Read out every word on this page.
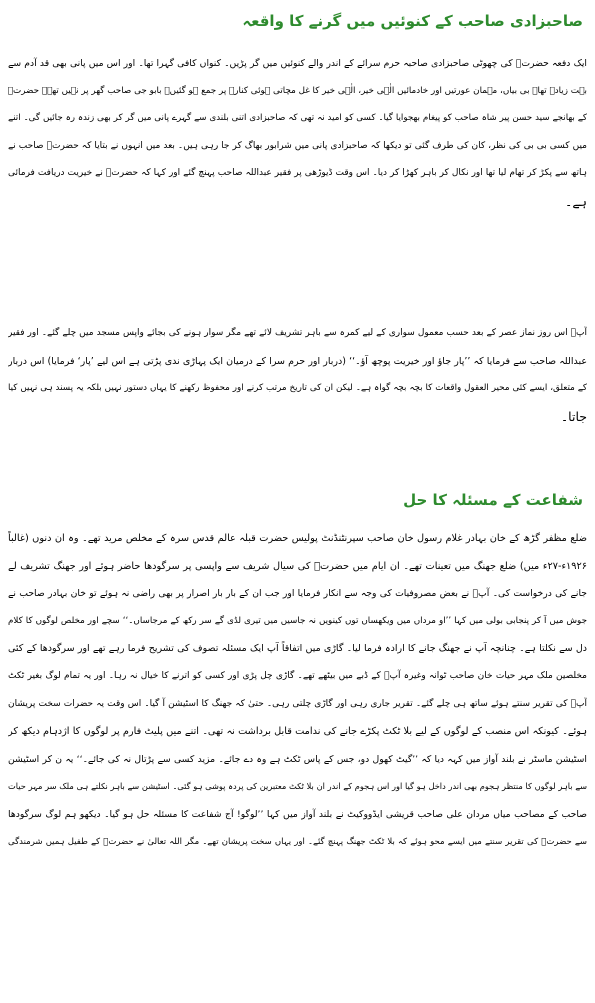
صاحبزادی صاحب کے کنوئیں میں گرنے کا واقعہ
ایک دفعہ حضرتؒ کی چھوٹی صاحبزادی صاحبہ حرم سرائے کے اندر والے کنوئیں میں گر پڑیں۔ کنواں کافی گہرا تھا۔ اور اس میں پانی بھی قد آدم سے
بہت زیادہ تھا۔ بی بیاں، مہمان عورتیں اور خادمائیں الٰہی خیر، الٰہی خیر کا غل مچاتی ہوئی کنارے پر جمع ہو گئیں۔ بابو جی صاحب گھر پر نہیں تھے۔ حضرتؒ
کے بھانجے سید حسن پیر شاہ صاحب کو پیغام بھجوایا گیا۔ کسی کو امید نہ تھی کہ صاحبزادی اتنی بلندی سے گہرے پانی میں گر کر بھی زندہ رہ جائیں گی۔ اتنے
میں کسی بی بی کی نظر، کان کی طرف گئی تو دیکھا کہ صاحبزادی پانی میں شرابور بھاگ کر جا رہی ہیں۔ بعد میں انہوں نے بتایا کہ حضرتؒ صاحب نے
ہاتھ سے پکڑ کر تھام لیا تھا اور نکال کر باہر کھڑا کر دیا۔ اس وقت ڈیوڑھی پر فقیر عبداللہ صاحب پہنچ گئے اور کہا کہ حضرتؒ نے خیریت دریافت فرمائی
ہے۔
آپؒ اس روز نماز عصر کے بعد حسب معمول سواری کے لیے کمرہ سے باہر تشریف لائے تھے مگر سوار ہونے کی بجائے واپس مسجد میں چلے گئے۔ اور فقیر
عبداللہ صاحب سے فرمایا کہ ’’پار جاؤ اور خیریت پوچھ آؤ۔‘‘ (دربار اور حرم سرا کے درمیان ایک پہاڑی ندی پڑتی ہے اس لیے ’پار‘ فرمایا) اس دربار
کے متعلق، ایسے کئی محیر العقول واقعات کا بچہ بچہ گواہ ہے۔ لیکن ان کی تاریخ مرتب کرنے اور محفوظ رکھنے کا یہاں دستور نہیں بلکہ یہ پسند ہی نہیں کیا
جاتا۔
شفاعت کے مسئلہ کا حل
ضلع مظفر گڑھ کے خان بہادر غلام رسول خان صاحب سپرنٹنڈنٹ پولیس حضرت قبلہ عالم قدس سرہ کے مخلص مرید تھے۔ وہ ان دنوں (غالباً
۱۹۲۶ء-۲۷ء میں) ضلع جھنگ میں تعینات تھے۔ ان ایام میں حضرتؒ کی سیال شریف سے واپسی پر سرگودھا حاضر ہوئے اور جھنگ تشریف لے
جانے کی درخواست کی۔ آپؒ نے بعض مصروفیات کی وجہ سے انکار فرمایا اور جب ان کے بار بار اصرار پر بھی راضی نہ ہوئے تو خان بہادر صاحب نے
جوش میں آ کر پنجابی بولی میں کہا ’’او مرداں میں ویکھساں توں کینویں نہ جاسیں میں تیری لڈی گے سر رکھ کے مرجاساں۔‘‘ سچے اور مخلص لوگوں کا کلام
دل سے نکلتا ہے۔ چنانچہ آپ نے جھنگ جانے کا ارادہ فرما لیا۔ گاڑی میں اتفاقاً آپ ایک مسئلہ تصوف کی تشریح فرما رہے تھے اور سرگودھا کے کئی
مخلصین ملک مہر حیات خان صاحب ٹوانہ وغیرہ آپؒ کے ڈبے میں بیٹھے تھے۔ گاڑی چل پڑی اور کسی کو اترنے کا خیال نہ رہا۔ اور یہ تمام لوگ بغیر ٹکٹ
آپؒ کی تقریر سنتے ہوئے ساتھ ہی چلے گئے۔ تقریر جاری رہی اور گاڑی چلتی رہی۔ حتیٰ کہ جھنگ کا اسٹیشن آ گیا۔ اس وقت یہ حضرات سخت پریشان
ہوئے۔ کیونکہ اس منصب کے لوگوں کے لیے بلا ٹکٹ پکڑے جانے کی ندامت قابل برداشت نہ تھی۔ اتنے میں پلیٹ فارم پر لوگوں کا اژدہام دیکھ کر
اسٹیشن ماسٹر نے بلند آواز میں کہہ دیا کہ ’’گیٹ کھول دو، جس کے پاس ٹکٹ ہے وہ دے جائے۔ مزید کسی سے پڑتال نہ کی جائے۔‘‘ یہ ن کر اسٹیشن
سے باہر لوگوں کا منتظر ہجوم بھی اندر داخل ہو گیا اور اس ہجوم کے اندر ان بلا ٹکٹ معتبرین کی پردہ پوشی ہو گئی۔ اسٹیشن سے باہر نکلتے ہی ملک سر مہر حیات
صاحب کے مصاحب میاں مردان علی صاحب قریشی ایڈووکیٹ نے بلند آواز میں کہا ’’لوگو! آج شفاعت کا مسئلہ حل ہو گیا۔ دیکھو ہم لوگ سرگودھا
سے حضرتؒ کی تقریر سنتے میں ایسے محو ہوئے کہ بلا ٹکٹ جھنگ پہنچ گئے۔ اور یہاں سخت پریشان تھے۔ مگر اللہ تعالیٰ نے حضرتؒ کے طفیل ہمیں شرمندگی
